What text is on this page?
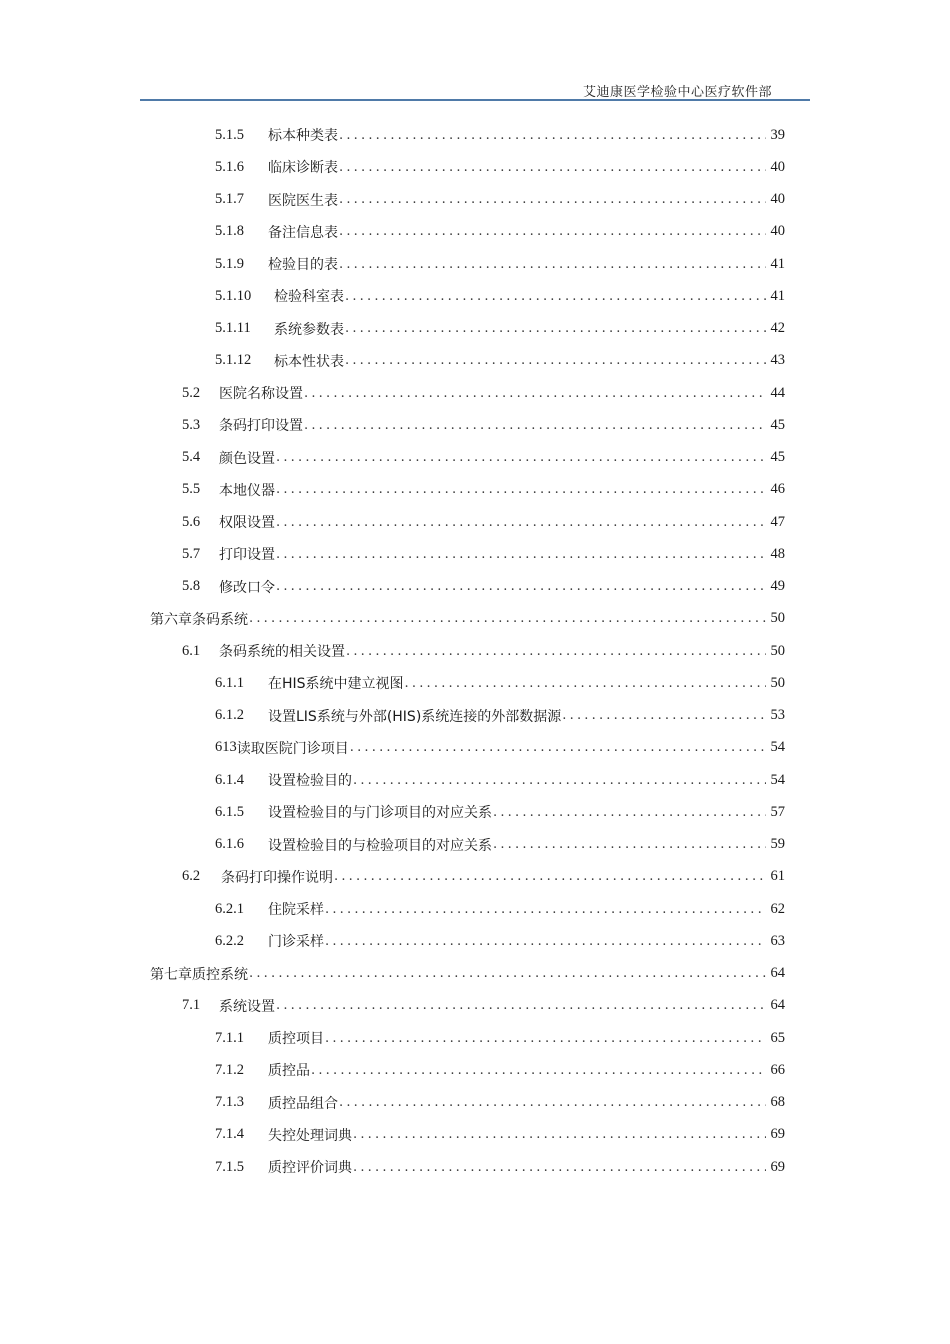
艾迪康医学检验中心医疗软件部
5.1.5	标本种类表 .....	39
5.1.6	临床诊断表 .....	40
5.1.7	医院医生表 .....	40
5.1.8	备注信息表 .....	40
5.1.9	检验目的表 .....	41
5.1.10	检验科室表 .....	41
5.1.11	系统参数表 .....	42
5.1.12	标本性状表 .....	43
5.2	医院名称设置 .....	44
5.3	条码打印设置 .....	45
5.4	颜色设置 .....	45
5.5	本地仪器 .....	46
5.6	权限设置 .....	47
5.7	打印设置 .....	48
5.8	修改口令 .....	49
第六章条码系统 .....	50
6.1	条码系统的相关设置 .....	50
6.1.1	在HIS系统中建立视图 .....	50
6.1.2	设置LIS系统与外部(HIS)系统连接的外部数据源 .....	53
613 读取医院门诊项目 .....	54
6.1.4	设置检验目的 .....	54
6.1.5	设置检验目的与门诊项目的对应关系 .....	57
6.1.6	设置检验目的与检验项目的对应关系 .....	59
6.2	条码打印操作说明 .....	61
6.2.1	住院采样 .....	62
6.2.2	门诊采样 .....	63
第七章质控系统 .....	64
7.1	系统设置 .....	64
7.1.1	质控项目 .....	65
7.1.2	质控品 .....	66
7.1.3	质控品组合 .....	68
7.1.4	失控处理词典 .....	69
7.1.5	质控评价词典 .....	69
